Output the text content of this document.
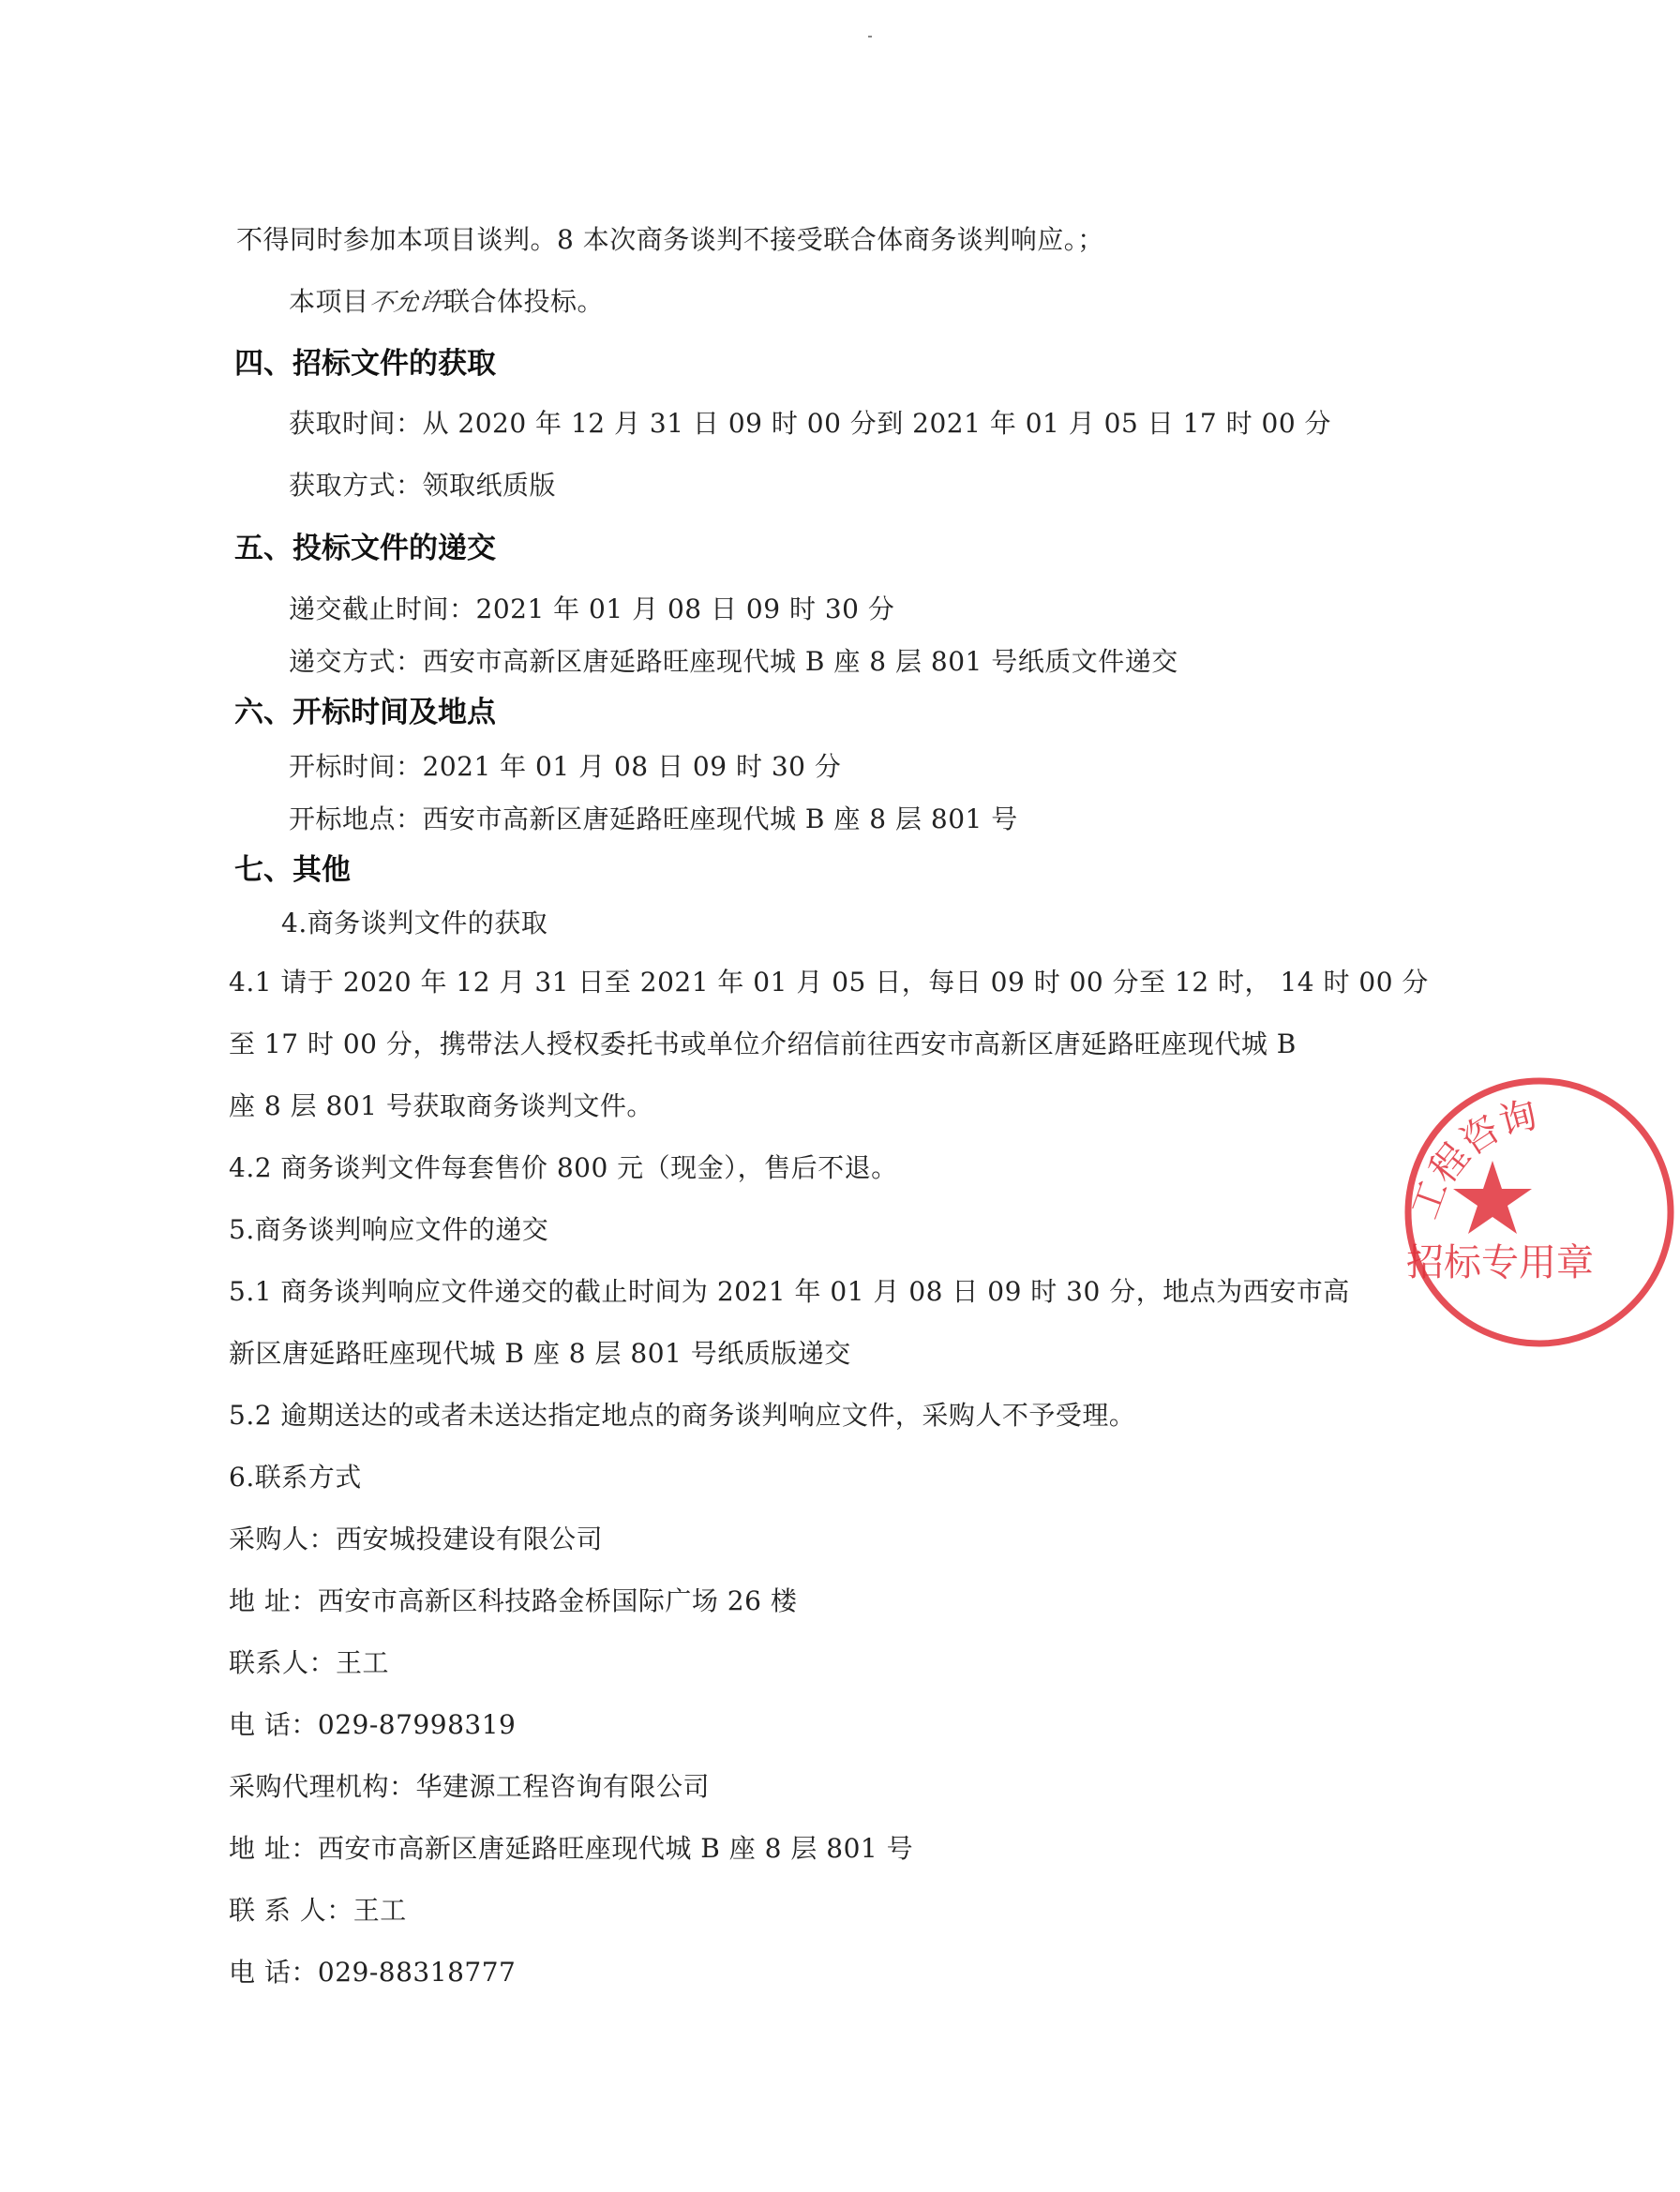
不得同时参加本项目谈判。8 本次商务谈判不接受联合体商务谈判响应。；
本项目不允许联合体投标。
四、招标文件的获取
获取时间：从 2020 年 12 月 31 日 09 时 00 分到 2021 年 01 月 05 日 17 时 00 分
获取方式：领取纸质版
五、投标文件的递交
递交截止时间：2021 年 01 月 08 日 09 时 30 分
递交方式：西安市高新区唐延路旺座现代城 B 座 8 层 801 号纸质文件递交
六、开标时间及地点
开标时间：2021 年 01 月 08 日 09 时 30 分
开标地点：西安市高新区唐延路旺座现代城 B 座 8 层 801 号
七、其他
4.商务谈判文件的获取
4.1 请于 2020 年 12 月 31 日至 2021 年 01 月 05 日，每日 09 时 00 分至 12 时， 14 时 00 分
至 17 时 00 分，携带法人授权委托书或单位介绍信前往西安市高新区唐延路旺座现代城 B
座 8 层 801 号获取商务谈判文件。
4.2 商务谈判文件每套售价 800 元（现金），售后不退。
5.商务谈判响应文件的递交
5.1 商务谈判响应文件递交的截止时间为 2021 年 01 月 08 日 09 时 30 分，地点为西安市高
新区唐延路旺座现代城 B 座 8 层 801 号纸质版递交
5.2 逾期送达的或者未送达指定地点的商务谈判响应文件，采购人不予受理。
6.联系方式
采购人：西安城投建设有限公司
地 址：西安市高新区科技路金桥国际广场 26 楼
联系人：王工
电 话：029-87998319
采购代理机构：华建源工程咨询有限公司
地 址：西安市高新区唐延路旺座现代城 B 座 8 层 801 号
联 系 人：王工
电 话：029-88318777
工程咨询
招标专用章
